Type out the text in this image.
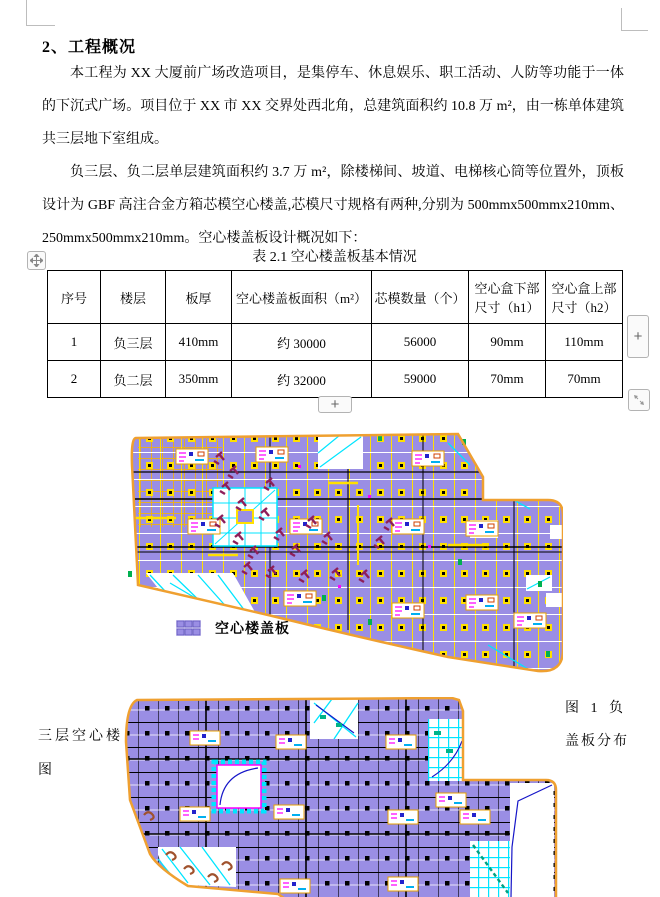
2、工程概况

本工程为 XX 大厦前广场改造项目，是集停车、休息娱乐、职工活动、人防等功能于一体的下沉式广场。项目位于 XX 市 XX 交界处西北角，总建筑面积约 10.8 万 m²，由一栋单体建筑共三层地下室组成。

负三层、负二层单层建筑面积约 3.7 万 m²，除楼梯间、坡道、电梯核心筒等位置外，顶板设计为 GBF 高注合金方箱芯模空心楼盖,芯模尺寸规格有两种,分别为 500mmx500mmx210mm、250mmx500mmx210mm。空心楼盖板设计概况如下：

表 2.1 空心楼盖板基本情况
序号	楼层	板厚	空心楼盖板面积（m²）	芯模数量（个）	空心盒下部尺寸（h1）	空心盒上部尺寸（h2）
1	负三层	410mm	约 30000	56000	90mm	110mm
2	负二层	350mm	约 32000	59000	70mm	70mm
+
+
空心楼盖板
图 1 负
三层空心楼	盖板分布
图
